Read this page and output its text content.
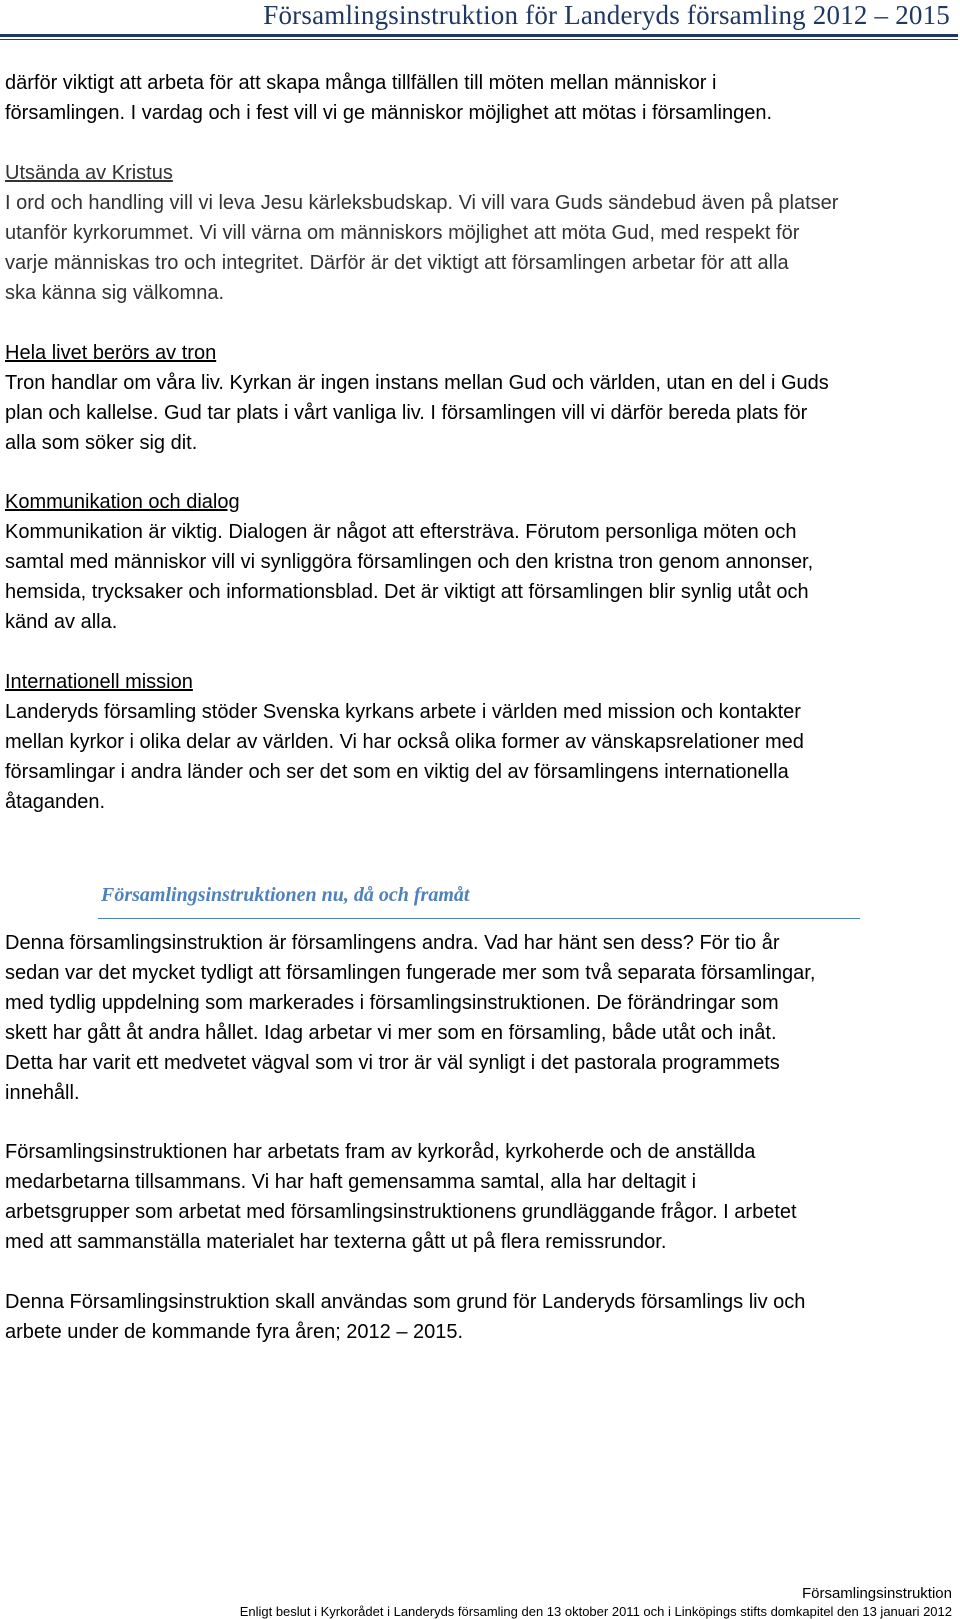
Församlingsinstruktion för Landeryds församling 2012 – 2015
därför viktigt att arbeta för att skapa många tillfällen till möten mellan människor i
församlingen. I vardag och i fest vill vi ge människor möjlighet att mötas i församlingen.
Utsända av Kristus
I ord och handling vill vi leva Jesu kärleksbudskap. Vi vill vara Guds sändebud även på platser
utanför kyrkorummet. Vi vill värna om människors möjlighet att möta Gud, med respekt för
varje människas tro och integritet. Därför är det viktigt att församlingen arbetar för att alla
ska känna sig välkomna.
Hela livet berörs av tron
Tron handlar om våra liv. Kyrkan är ingen instans mellan Gud och världen, utan en del i Guds
plan och kallelse. Gud tar plats i vårt vanliga liv. I församlingen vill vi därför bereda plats för
alla som söker sig dit.
Kommunikation och dialog
Kommunikation är viktig. Dialogen är något att eftersträva. Förutom personliga möten och
samtal med människor vill vi synliggöra församlingen och den kristna tron genom annonser,
hemsida, trycksaker och informationsblad. Det är viktigt att församlingen blir synlig utåt och
känd av alla.
Internationell mission
Landeryds församling stöder Svenska kyrkans arbete i världen med mission och kontakter
mellan kyrkor i olika delar av världen. Vi har också olika former av vänskapsrelationer med
församlingar i andra länder och ser det som en viktig del av församlingens internationella
åtaganden.
Församlingsinstruktionen nu, då och framåt
Denna församlingsinstruktion är församlingens andra. Vad har hänt sen dess? För tio år
sedan var det mycket tydligt att församlingen fungerade mer som två separata församlingar,
med tydlig uppdelning som markerades i församlingsinstruktionen. De förändringar som
skett har gått åt andra hållet. Idag arbetar vi mer som en församling, både utåt och inåt.
Detta har varit ett medvetet vägval som vi tror är väl synligt i det pastorala programmets
innehåll.
Församlingsinstruktionen har arbetats fram av kyrkoråd, kyrkoherde och de anställda
medarbetarna tillsammans. Vi har haft gemensamma samtal, alla har deltagit i
arbetsgrupper som arbetat med församlingsinstruktionens grundläggande frågor. I arbetet
med att sammanställa materialet har texterna gått ut på flera remissrundor.
Denna Församlingsinstruktion skall användas som grund för Landeryds församlings liv och
arbete under de kommande fyra åren; 2012 – 2015.
Församlingsinstruktion
Enligt beslut i Kyrkorådet i Landeryds församling den 13 oktober 2011 och i Linköpings stifts domkapitel den 13 januari 2012
